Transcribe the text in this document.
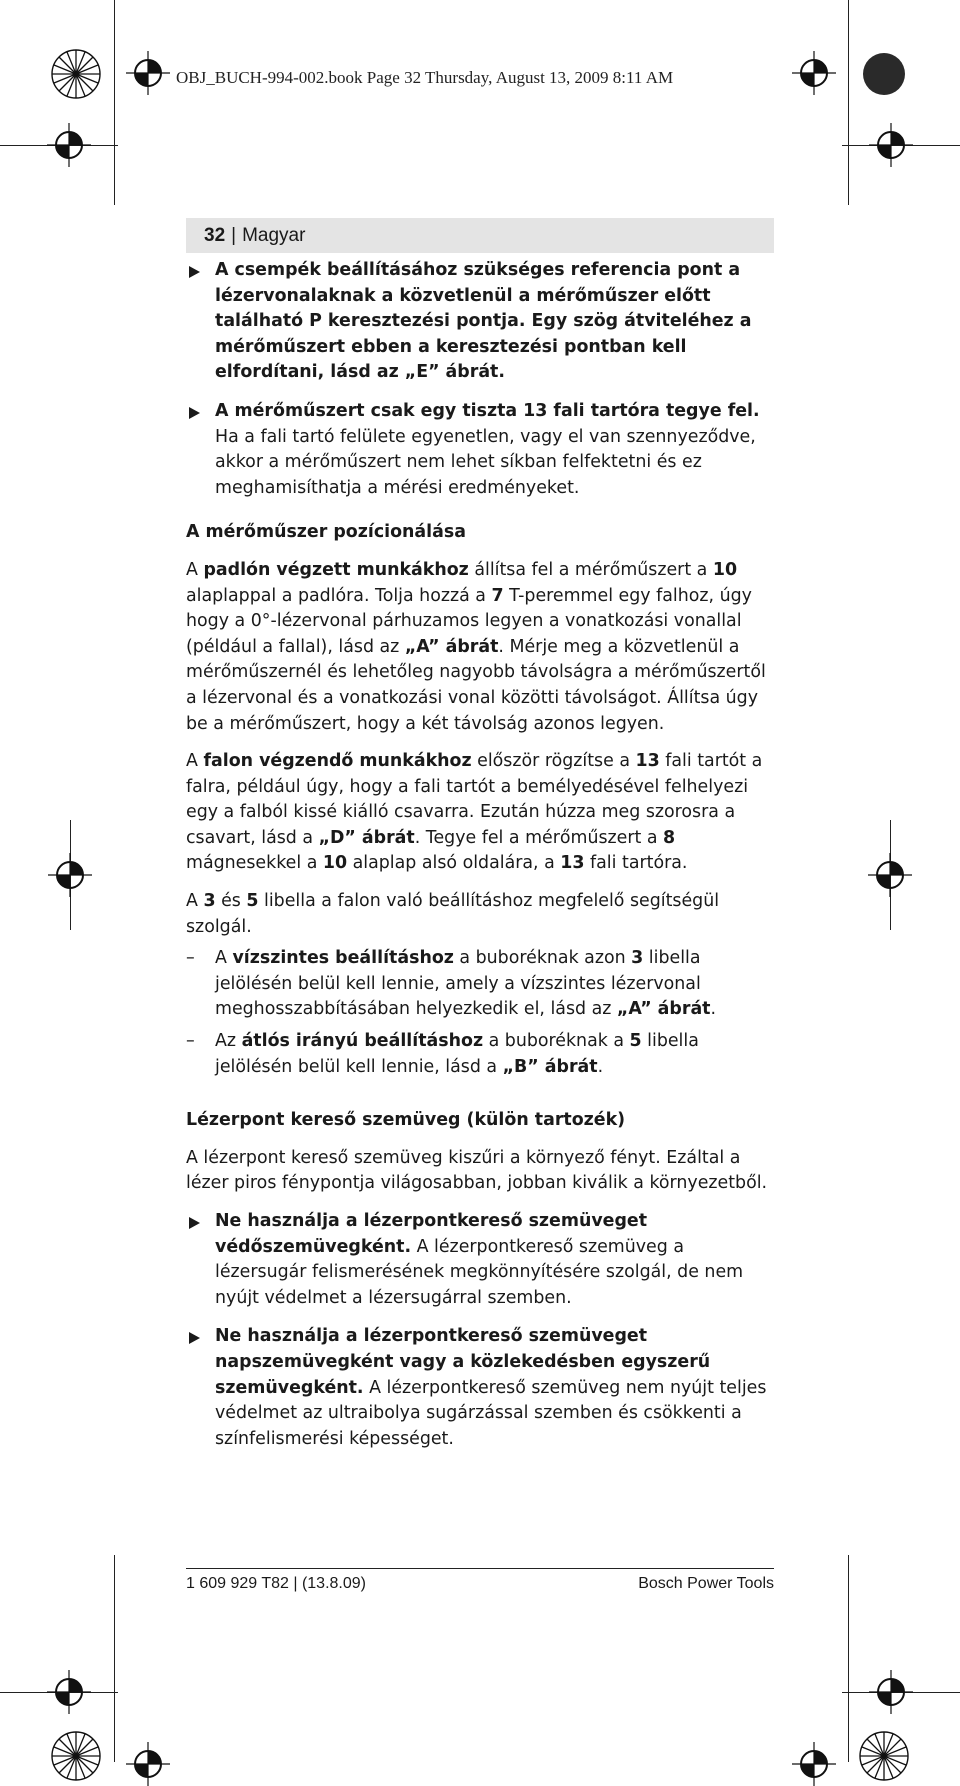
OBJ_BUCH-994-002.book Page 32 Thursday, August 13, 2009 8:11 AM
32 | Magyar
A csempék beállításához szükséges referencia pont a lézervonalaknak a közvetlenül a mérőműszer előtt található P keresztezési pontja. Egy szög átviteléhez a mérőműszert ebben a keresztezési pontban kell elfordítani, lásd az „E” ábrát.
A mérőműszert csak egy tiszta 13 fali tartóra tegye fel. Ha a fali tartó felülete egyenetlen, vagy el van szennyeződve, akkor a mérőműszert nem lehet síkban felfektetni és ez meghamisíthatja a mérési eredményeket.
A mérőműszer pozícionálása

A padlón végzett munkákhoz állítsa fel a mérőműszert a 10 alaplappal a padlóra. Tolja hozzá a 7 T-peremmel egy falhoz, úgy hogy a 0°-lézervonal párhuzamos legyen a vonatkozási vonallal (például a fallal), lásd az „A” ábrát. Mérje meg a közvetlenül a mérőműszernél és lehetőleg nagyobb távolságra a mérőműszertől a lézervonal és a vonatkozási vonal közötti távolságot. Állítsa úgy be a mérőműszert, hogy a két távolság azonos legyen.

A falon végzendő munkákhoz először rögzítse a 13 fali tartót a falra, például úgy, hogy a fali tartót a bemélyedésével felhelyezi egy a falból kissé kiálló csavarra. Ezután húzza meg szorosra a csavart, lásd a „D” ábrát. Tegye fel a mérőműszert a 8 mágnesekkel a 10 alaplap alsó oldalára, a 13 fali tartóra.

A 3 és 5 libella a falon való beállításhoz megfelelő segítségül szolgál.

– A vízszintes beállításhoz a buboréknak azon 3 libella jelölésén belül kell lennie, amely a vízszintes lézervonal meghosszabbításában helyezkedik el, lásd az „A” ábrát.
– Az átlós irányú beállításhoz a buboréknak a 5 libella jelölésén belül kell lennie, lásd a „B” ábrát.
Lézerpont kereső szemüveg (külön tartozék)

A lézerpont kereső szemüveg kiszűri a környező fényt. Ezáltal a lézer piros fénypontja világosabban, jobban kiválik a környezetből.

Ne használja a lézerpontkereső szemüveget védőszemüvegként. A lézerpontkereső szemüveg a lézersugár felismerésének megkönnyítésére szolgál, de nem nyújt védelmet a lézersugárral szemben.
Ne használja a lézerpontkereső szemüveget napszemüvegként vagy a közlekedésben egyszerű szemüvegként. A lézerpontkereső szemüveg nem nyújt teljes védelmet az ultraibolya sugárzással szemben és csökkenti a színfelismerési képességet.
1 609 929 T82 | (13.8.09)	Bosch Power Tools
